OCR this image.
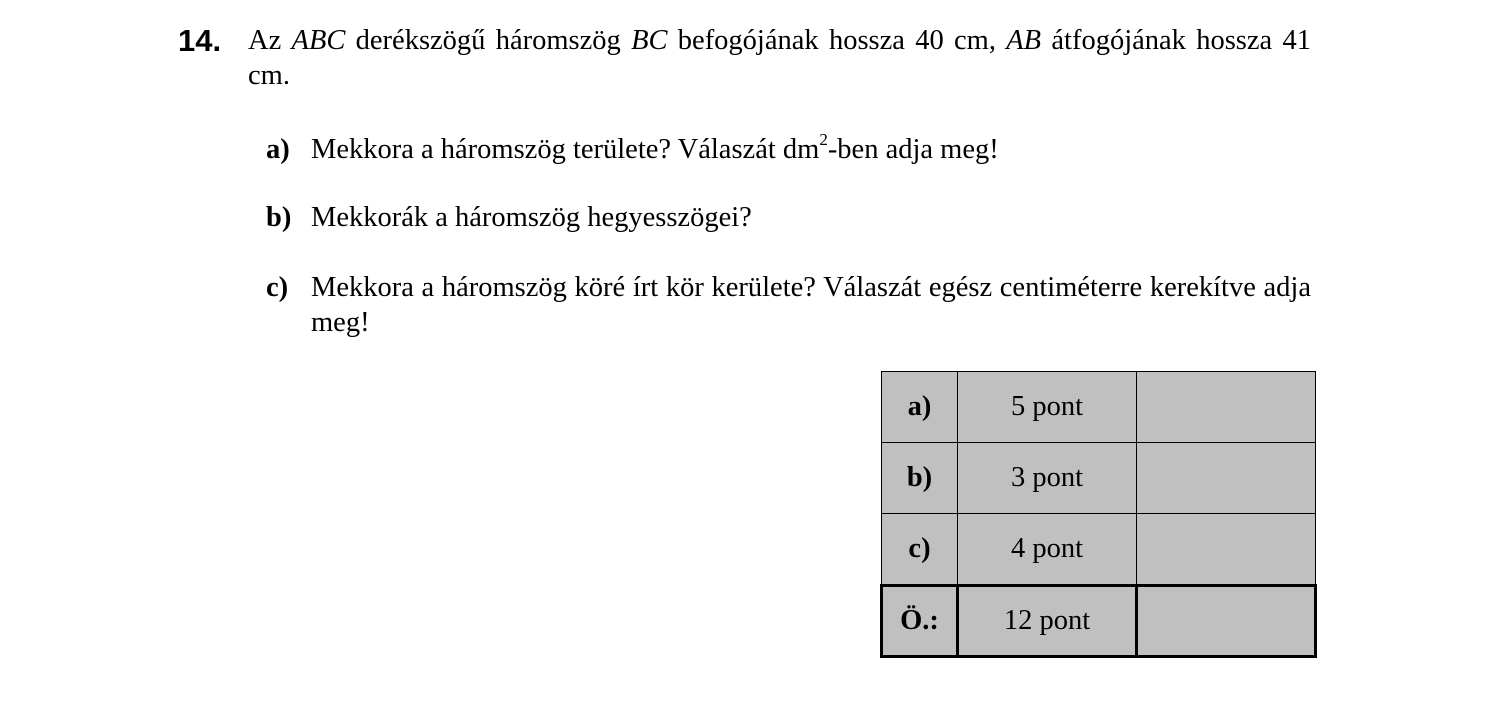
14. Az ABC derékszögű háromszög BC befogójának hossza 40 cm, AB átfogójának hossza 41 cm.
a) Mekkora a háromszög területe? Válaszát $dm^2$-ben adja meg!
b) Mekkorák a háromszög hegyesszögei?
c) Mekkora a háromszög köré írt kör kerülete? Válaszát egész centiméterre kerekítve adja meg!
a)	5 pont	
b)	3 pont	
c)	4 pont	
Ö.:	12 pont	
